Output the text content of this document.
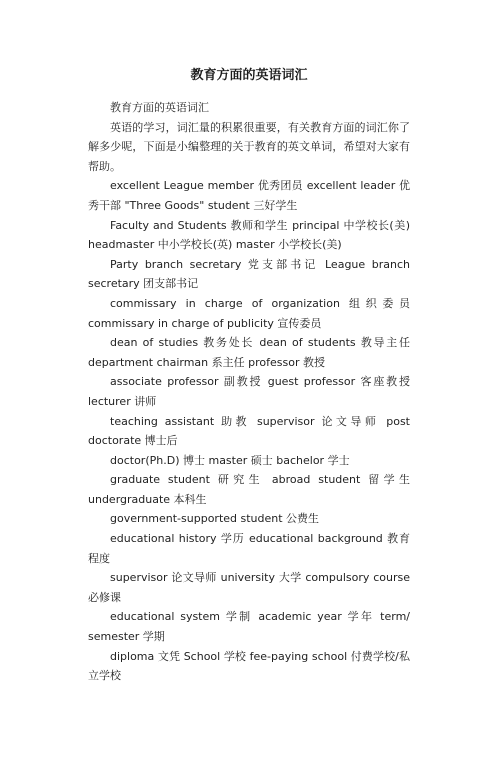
教育方面的英语词汇

教育方面的英语词汇

英语的学习，词汇量的积累很重要，有关教育方面的词汇你了解多少呢，下面是小编整理的关于教育的英文单词，希望对大家有帮助。

excellent League member 优秀团员 excellent leader 优秀干部 "Three Goods" student 三好学生

Faculty and Students 教师和学生 principal 中学校长(美) headmaster 中小学校长(英) master 小学校长(美)

Party branch secretary 党支部书记 League branch secretary 团支部书记

commissary in charge of organization 组织委员 commissary in charge of publicity 宣传委员

dean of studies 教务处长 dean of students 教导主任 department chairman 系主任 professor 教授

associate professor 副教授 guest professor 客座教授 lecturer 讲师

teaching assistant 助教 supervisor 论文导师 post doctorate 博士后

doctor(Ph.D) 博士 master 硕士 bachelor 学士

graduate student 研究生 abroad student 留学生 undergraduate 本科生

government-supported student 公费生

educational history 学历 educational background 教育程度

supervisor 论文导师 university 大学 compulsory course 必修课

educational system 学制 academic year 学年 term/ semester 学期

diploma 文凭 School 学校 fee-paying school 付费学校/私立学校
